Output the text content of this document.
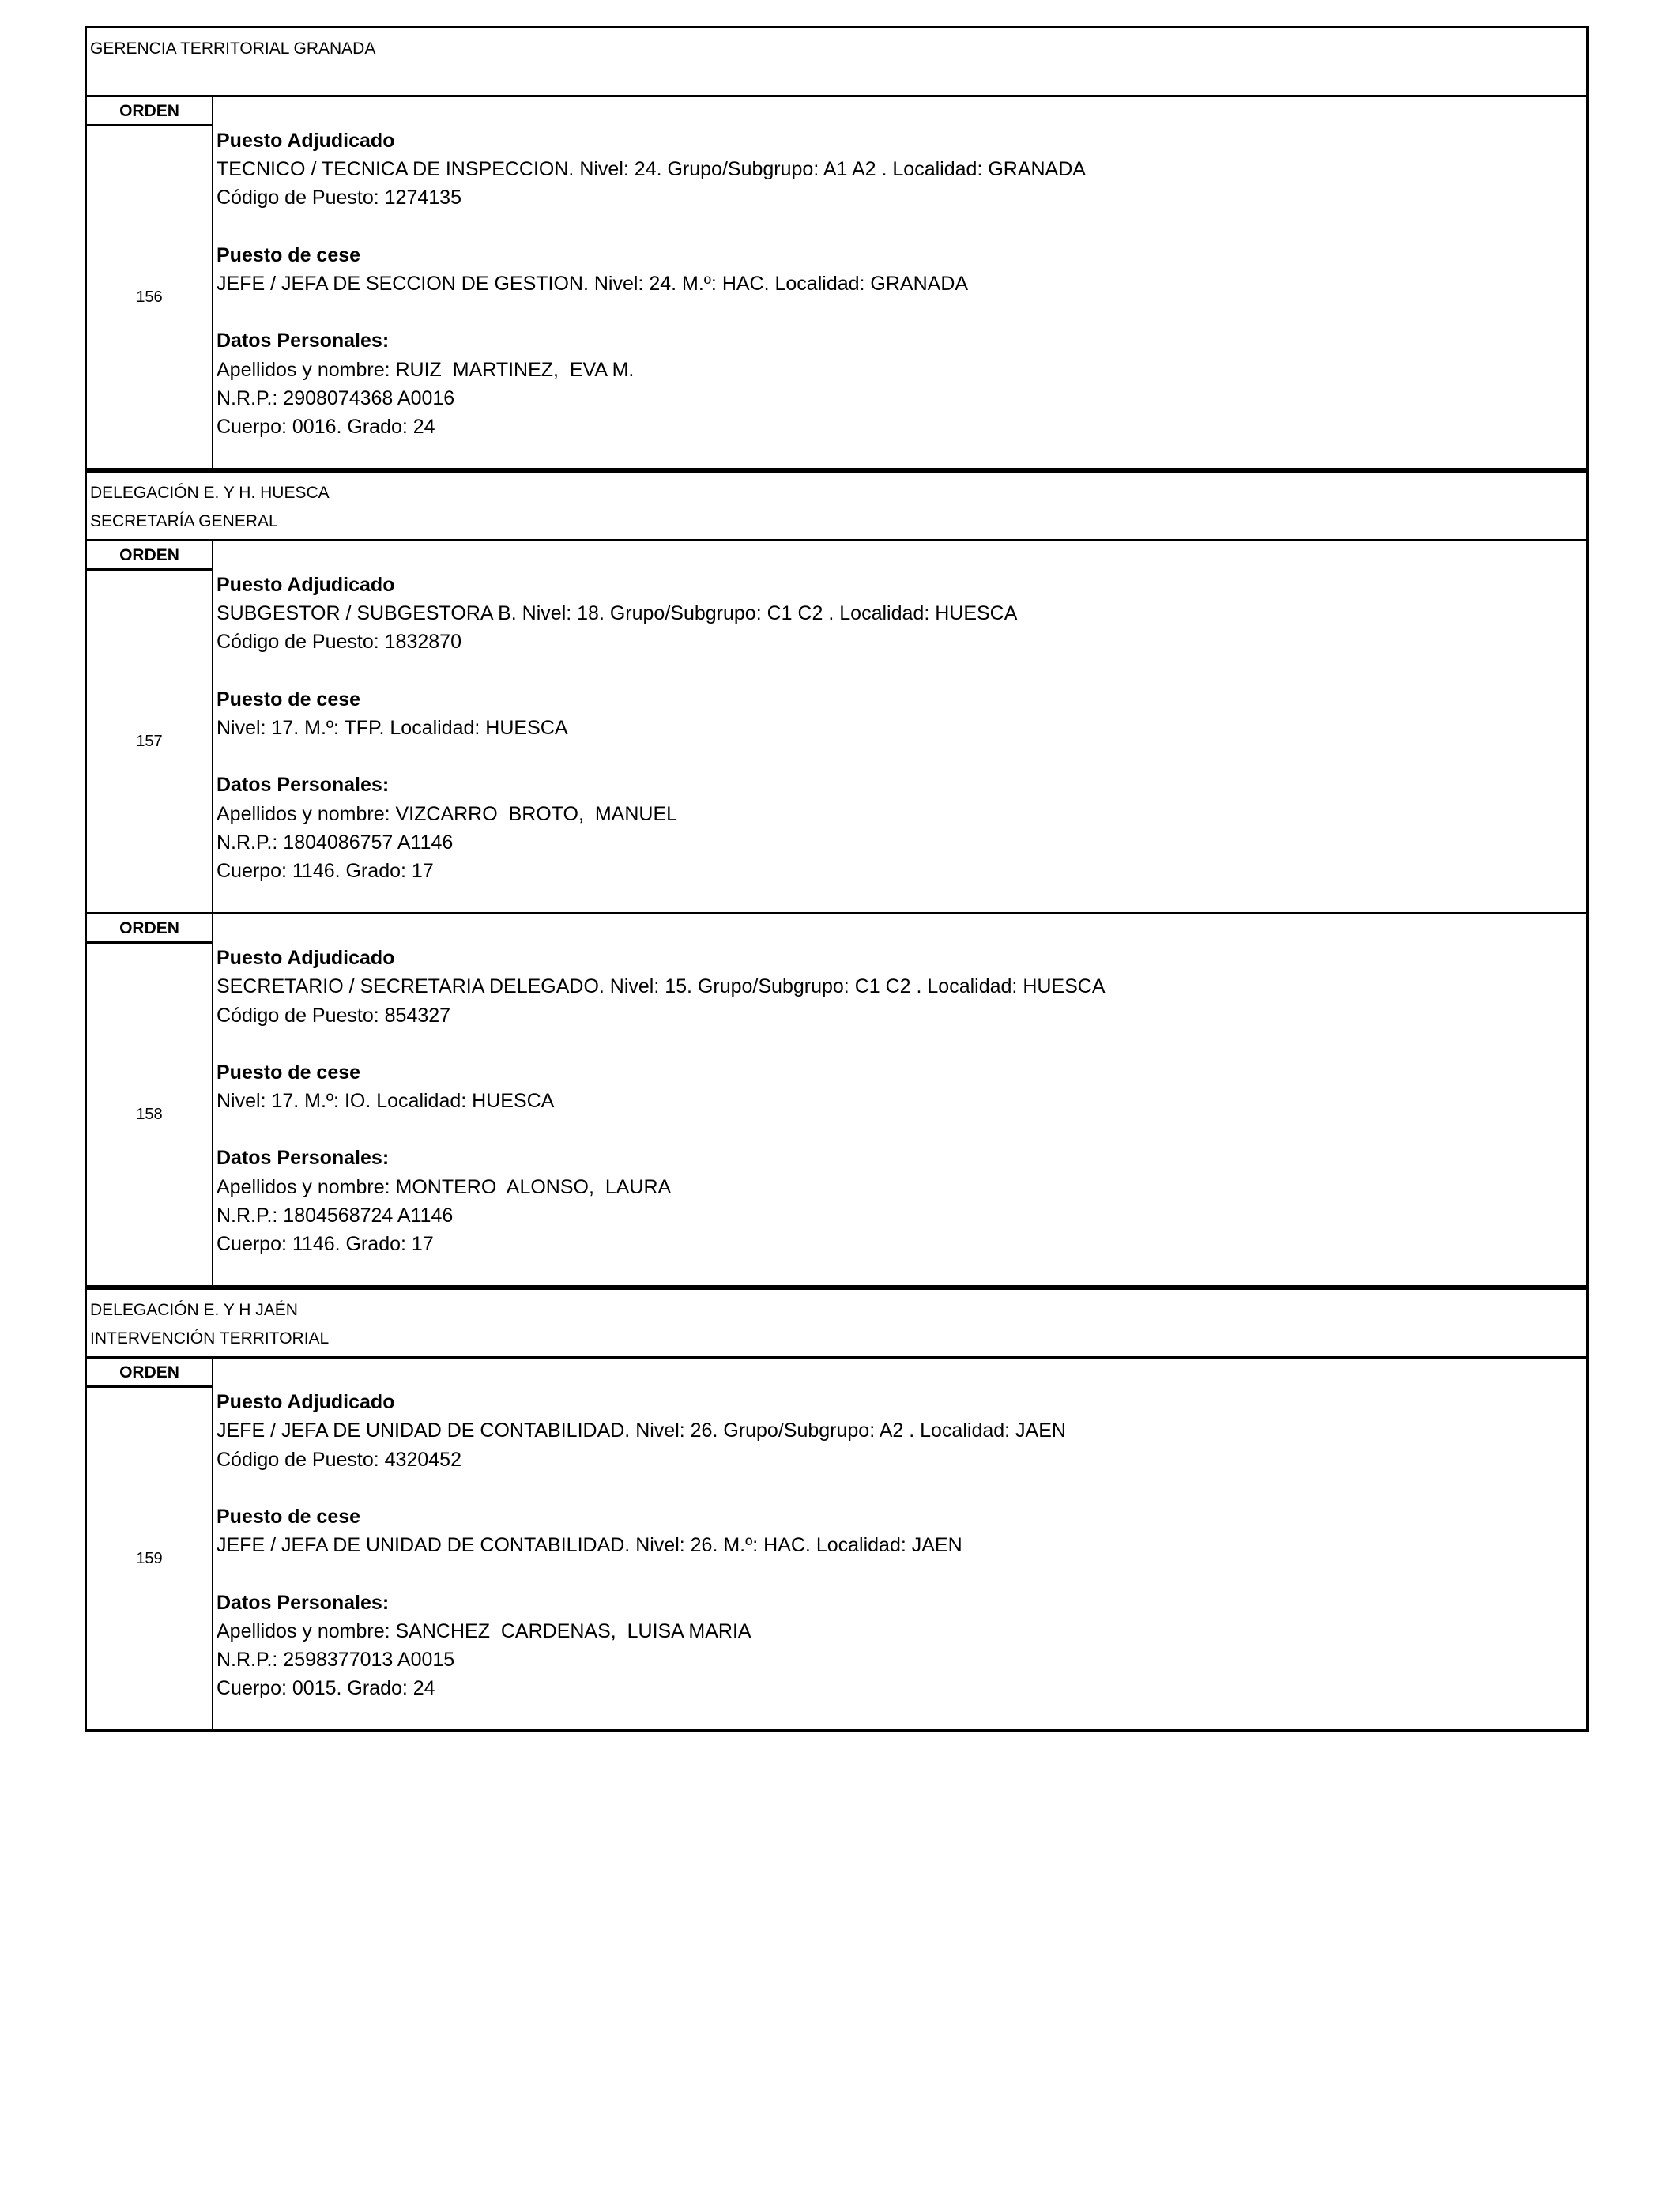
GERENCIA TERRITORIAL GRANADA
ORDEN
156
Puesto Adjudicado
TECNICO / TECNICA DE INSPECCION. Nivel: 24. Grupo/Subgrupo: A1 A2 . Localidad: GRANADA
Código de Puesto: 1274135
Puesto de cese
JEFE / JEFA DE SECCION DE GESTION. Nivel: 24. M.º: HAC. Localidad: GRANADA
Datos Personales:
Apellidos y nombre: RUIZ  MARTINEZ,  EVA M.
N.R.P.: 2908074368 A0016
Cuerpo: 0016. Grado: 24
DELEGACIÓN E. Y H. HUESCA
SECRETARÍA GENERAL
ORDEN
157
Puesto Adjudicado
SUBGESTOR / SUBGESTORA B. Nivel: 18. Grupo/Subgrupo: C1 C2 . Localidad: HUESCA
Código de Puesto: 1832870
Puesto de cese
Nivel: 17. M.º: TFP. Localidad: HUESCA
Datos Personales:
Apellidos y nombre: VIZCARRO  BROTO,  MANUEL
N.R.P.: 1804086757 A1146
Cuerpo: 1146. Grado: 17
ORDEN
158
Puesto Adjudicado
SECRETARIO / SECRETARIA DELEGADO. Nivel: 15. Grupo/Subgrupo: C1 C2 . Localidad: HUESCA
Código de Puesto: 854327
Puesto de cese
Nivel: 17. M.º: IO. Localidad: HUESCA
Datos Personales:
Apellidos y nombre: MONTERO  ALONSO,  LAURA
N.R.P.: 1804568724 A1146
Cuerpo: 1146. Grado: 17
DELEGACIÓN E. Y H JAÉN
INTERVENCIÓN TERRITORIAL
ORDEN
159
Puesto Adjudicado
JEFE / JEFA DE UNIDAD DE CONTABILIDAD. Nivel: 26. Grupo/Subgrupo: A2 . Localidad: JAEN
Código de Puesto: 4320452
Puesto de cese
JEFE / JEFA DE UNIDAD DE CONTABILIDAD. Nivel: 26. M.º: HAC. Localidad: JAEN
Datos Personales:
Apellidos y nombre: SANCHEZ  CARDENAS,  LUISA MARIA
N.R.P.: 2598377013 A0015
Cuerpo: 0015. Grado: 24
